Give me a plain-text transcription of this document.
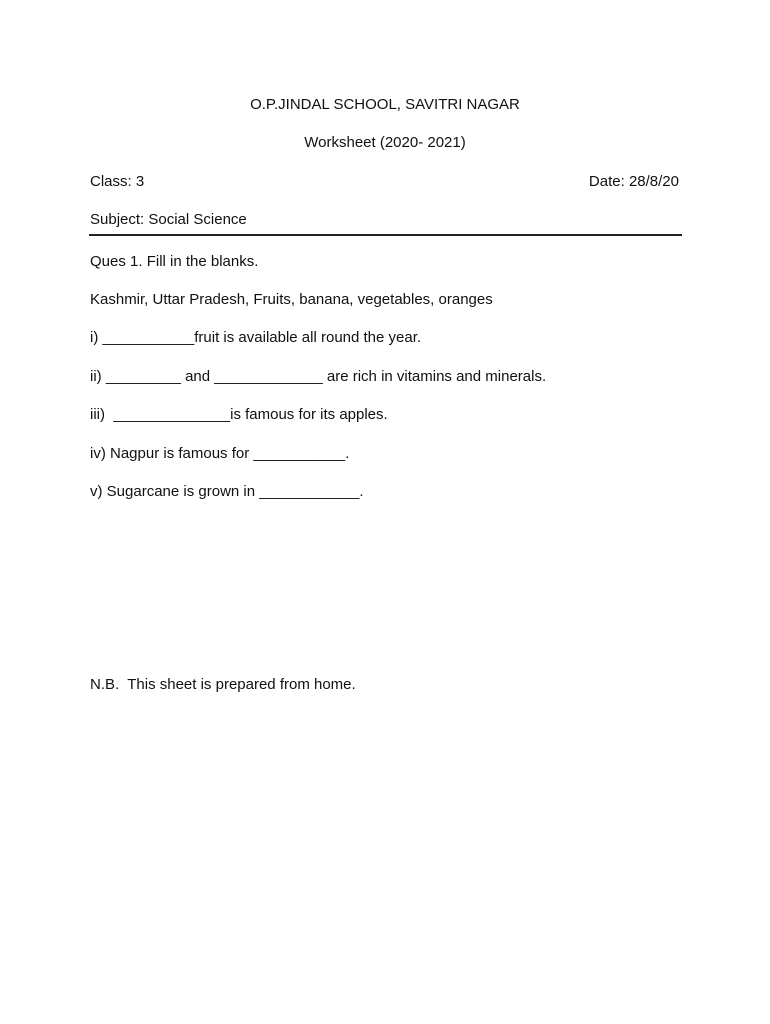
O.P.JINDAL SCHOOL, SAVITRI NAGAR
Worksheet (2020- 2021)
Class: 3	Date: 28/8/20
Subject: Social Science
Ques 1. Fill in the blanks.
Kashmir, Uttar Pradesh, Fruits, banana, vegetables, oranges
i) ___________fruit is available all round the year.
ii) _________ and _____________ are rich in vitamins and minerals.
iii)  ______________is famous for its apples.
iv) Nagpur is famous for ___________.
v) Sugarcane is grown in ____________.
N.B.  This sheet is prepared from home.
